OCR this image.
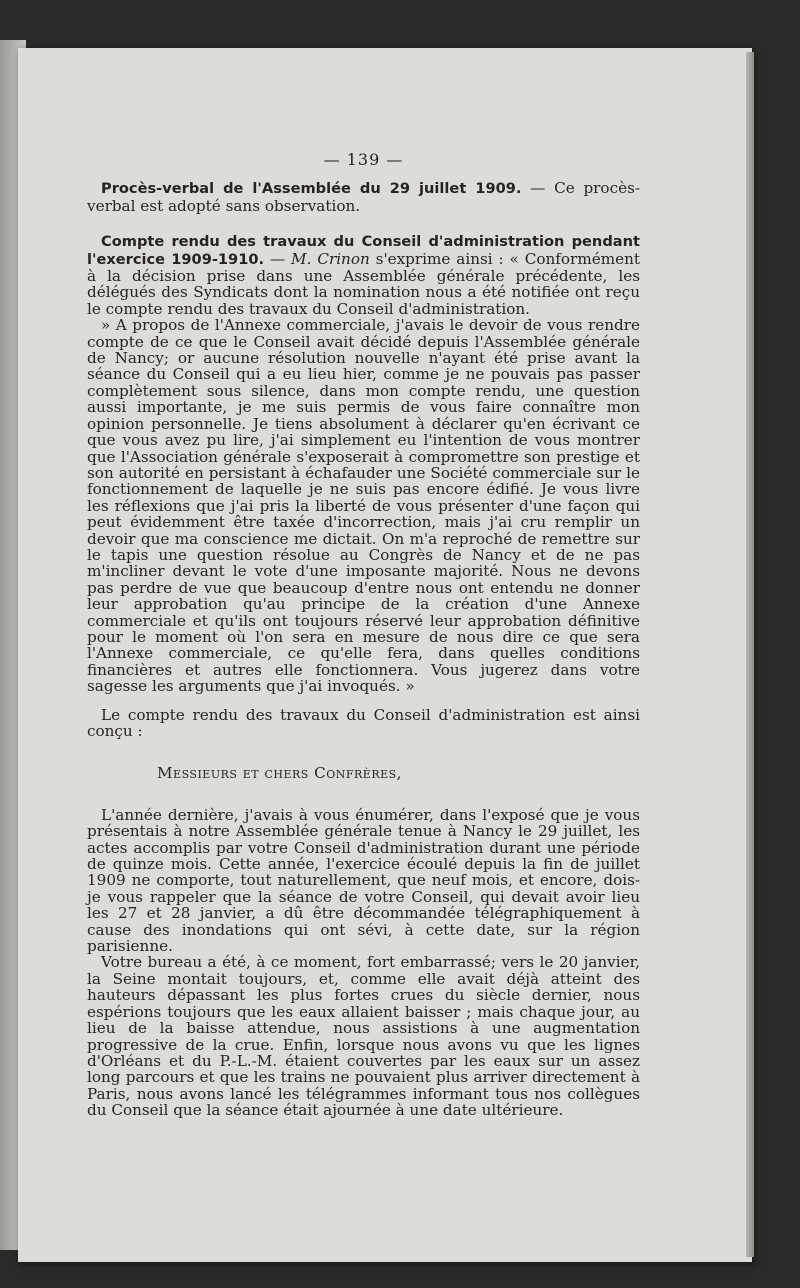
— 139 —

Procès-verbal de l'Assemblée du 29 juillet 1909. — Ce procès-verbal est adopté sans observation.

Compte rendu des travaux du Conseil d'administration pendant l'exercice 1909-1910. — M. Crinon s'exprime ainsi : « Conformément à la décision prise dans une Assemblée générale précédente, les délégués des Syndicats dont la nomination nous a été notifiée ont reçu le compte rendu des travaux du Conseil d'administration.

» A propos de l'Annexe commerciale, j'avais le devoir de vous rendre compte de ce que le Conseil avait décidé depuis l'Assemblée générale de Nancy; or aucune résolution nouvelle n'ayant été prise avant la séance du Conseil qui a eu lieu hier, comme je ne pouvais pas passer complètement sous silence, dans mon compte rendu, une question aussi importante, je me suis permis de vous faire connaître mon opinion personnelle. Je tiens absolument à déclarer qu'en écrivant ce que vous avez pu lire, j'ai simplement eu l'intention de vous montrer que l'Association générale s'exposerait à compromettre son prestige et son autorité en persistant à échafauder une Société commerciale sur le fonctionnement de laquelle je ne suis pas encore édifié. Je vous livre les réflexions que j'ai pris la liberté de vous présenter d'une façon qui peut évidemment être taxée d'incorrection, mais j'ai cru remplir un devoir que ma conscience me dictait. On m'a reproché de remettre sur le tapis une question résolue au Congrès de Nancy et de ne pas m'incliner devant le vote d'une imposante majorité. Nous ne devons pas perdre de vue que beaucoup d'entre nous ont entendu ne donner leur approbation qu'au principe de la création d'une Annexe commerciale et qu'ils ont toujours réservé leur approbation définitive pour le moment où l'on sera en mesure de nous dire ce que sera l'Annexe commerciale, ce qu'elle fera, dans quelles conditions financières et autres elle fonctionnera. Vous jugerez dans votre sagesse les arguments que j'ai invoqués. »

Le compte rendu des travaux du Conseil d'administration est ainsi conçu :

Messieurs et chers Confrères,

L'année dernière, j'avais à vous énumérer, dans l'exposé que je vous présentais à notre Assemblée générale tenue à Nancy le 29 juillet, les actes accomplis par votre Conseil d'administration durant une période de quinze mois. Cette année, l'exercice écoulé depuis la fin de juillet 1909 ne comporte, tout naturellement, que neuf mois, et encore, dois-je vous rappeler que la séance de votre Conseil, qui devait avoir lieu les 27 et 28 janvier, a dû être décommandée télégraphiquement à cause des inondations qui ont sévi, à cette date, sur la région parisienne.

Votre bureau a été, à ce moment, fort embarrassé; vers le 20 janvier, la Seine montait toujours, et, comme elle avait déjà atteint des hauteurs dépassant les plus fortes crues du siècle dernier, nous espérions toujours que les eaux allaient baisser ; mais chaque jour, au lieu de la baisse attendue, nous assistions à une augmentation progressive de la crue. Enfin, lorsque nous avons vu que les lignes d'Orléans et du P.-L.-M. étaient couvertes par les eaux sur un assez long parcours et que les trains ne pouvaient plus arriver directement à Paris, nous avons lancé les télégrammes informant tous nos collègues du Conseil que la séance était ajournée à une date ultérieure.
